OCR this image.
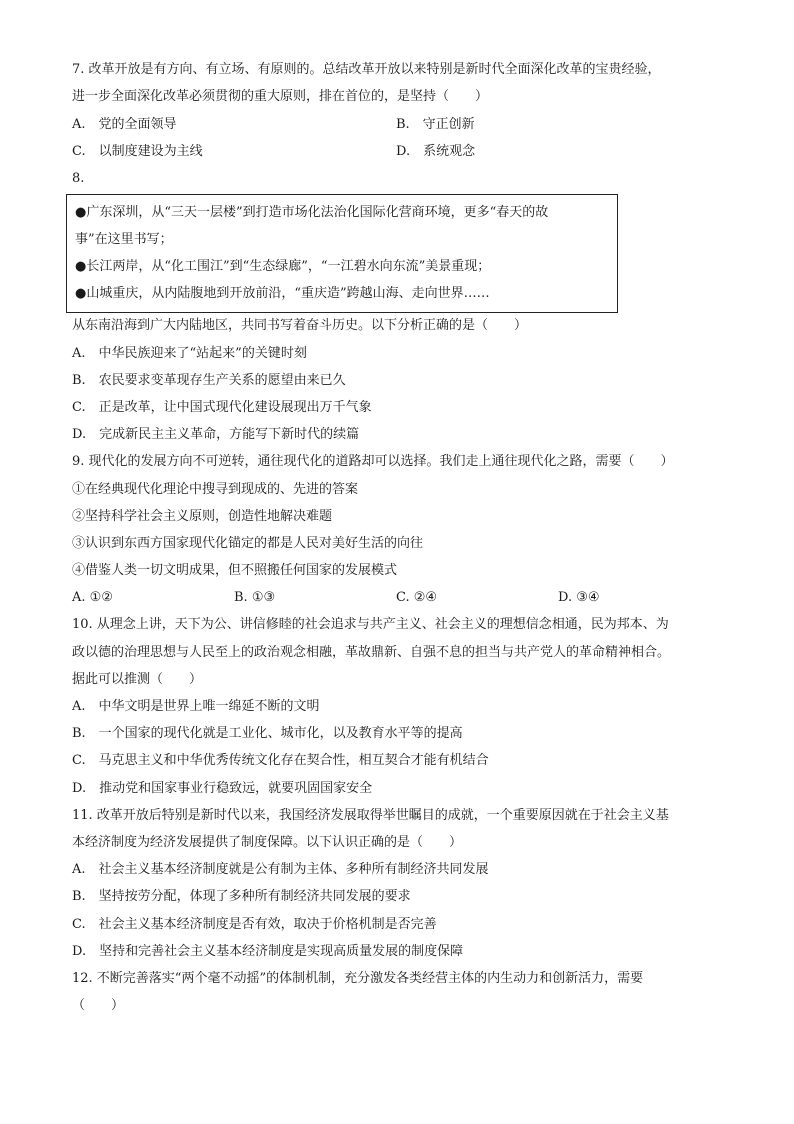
7. 改革开放是有方向、有立场、有原则的。总结改革开放以来特别是新时代全面深化改革的宝贵经验，
进一步全面深化改革必须贯彻的重大原则，排在首位的，是坚持（　　）
A.　党的全面领导	B.　守正创新
C.　以制度建设为主线	D.　系统观念
8.
●广东深圳，从“三天一层楼”到打造市场化法治化国际化营商环境，更多“春天的故
事”在这里书写；
●长江两岸，从“化工围江”到“生态绿廊”，“一江碧水向东流”美景重现；
●山城重庆，从内陆腹地到开放前沿，“重庆造”跨越山海、走向世界……
从东南沿海到广大内陆地区，共同书写着奋斗历史。以下分析正确的是（　　）
A.　中华民族迎来了“站起来”的关键时刻
B.　农民要求变革现存生产关系的愿望由来已久
C.　正是改革，让中国式现代化建设展现出万千气象
D.　完成新民主主义革命，方能写下新时代的续篇
9. 现代化的发展方向不可逆转，通往现代化的道路却可以选择。我们走上通往现代化之路，需要（　　）
①在经典现代化理论中搜寻到现成的、先进的答案
②坚持科学社会主义原则，创造性地解决难题
③认识到东西方国家现代化锚定的都是人民对美好生活的向往
④借鉴人类一切文明成果，但不照搬任何国家的发展模式
A. ①②	B. ①③	C. ②④	D. ③④
10. 从理念上讲，天下为公、讲信修睦的社会追求与共产主义、社会主义的理想信念相通，民为邦本、为
政以德的治理思想与人民至上的政治观念相融，革故鼎新、自强不息的担当与共产党人的革命精神相合。
据此可以推测（　　）
A.　中华文明是世界上唯一绵延不断的文明
B.　一个国家的现代化就是工业化、城市化，以及教育水平等的提高
C.　马克思主义和中华优秀传统文化存在契合性，相互契合才能有机结合
D.　推动党和国家事业行稳致远，就要巩固国家安全
11. 改革开放后特别是新时代以来，我国经济发展取得举世瞩目的成就，一个重要原因就在于社会主义基
本经济制度为经济发展提供了制度保障。以下认识正确的是（　　）
A.　社会主义基本经济制度就是公有制为主体、多种所有制经济共同发展
B.　坚持按劳分配，体现了多种所有制经济共同发展的要求
C.　社会主义基本经济制度是否有效，取决于价格机制是否完善
D.　坚持和完善社会主义基本经济制度是实现高质量发展的制度保障
12. 不断完善落实“两个毫不动摇”的体制机制，充分激发各类经营主体的内生动力和创新活力，需要
（　　）
